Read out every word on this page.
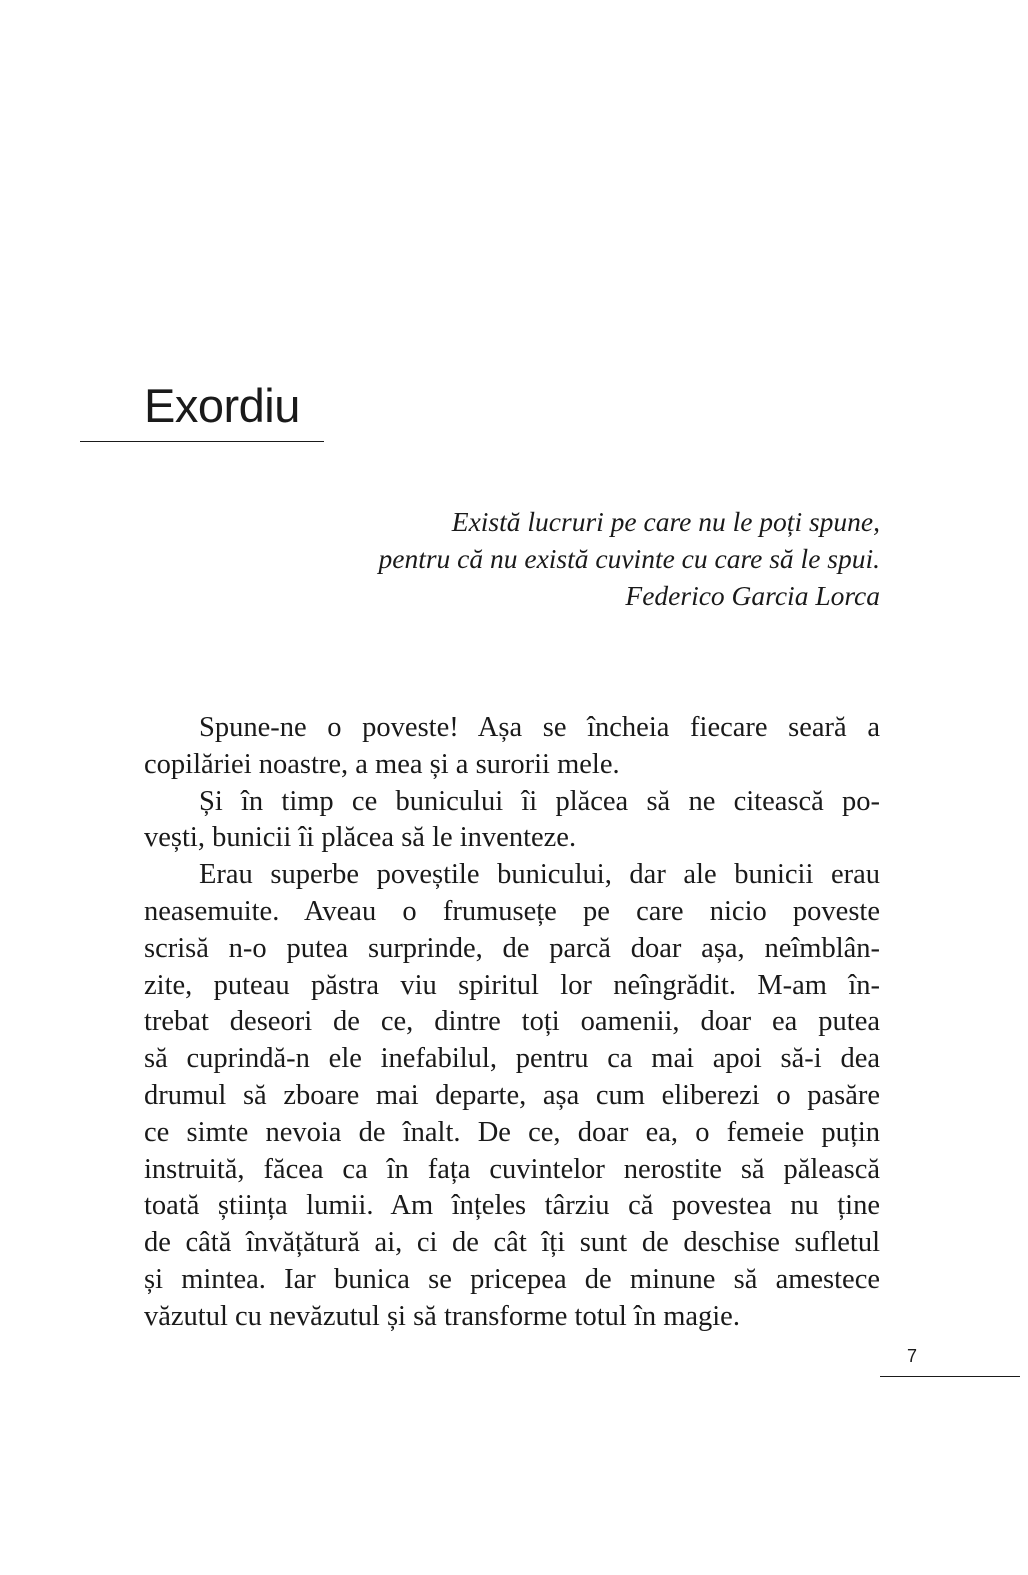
Exordiu
Există lucruri pe care nu le poți spune,
pentru că nu există cuvinte cu care să le spui.
Federico Garcia Lorca
Spune-ne o poveste! Așa se încheia fiecare seară a
copilăriei noastre, a mea și a surorii mele.
Și în timp ce bunicului îi plăcea să ne citească po-
vești, bunicii îi plăcea să le inventeze.
Erau superbe poveștile bunicului, dar ale bunicii erau
neasemuite. Aveau o frumusețe pe care nicio poveste
scrisă n-o putea surprinde, de parcă doar așa, neîmblân-
zite, puteau păstra viu spiritul lor neîngrădit. M-am în-
trebat deseori de ce, dintre toți oamenii, doar ea putea
să cuprindă-n ele inefabilul, pentru ca mai apoi să-i dea
drumul să zboare mai departe, așa cum eliberezi o pasăre
ce simte nevoia de înalt. De ce, doar ea, o femeie puțin
instruită, făcea ca în fața cuvintelor nerostite să pălească
toată știința lumii. Am înțeles târziu că povestea nu ține
de câtă învățătură ai, ci de cât îți sunt de deschise sufletul
și mintea. Iar bunica se pricepea de minune să amestece
văzutul cu nevăzutul și să transforme totul în magie.
7
